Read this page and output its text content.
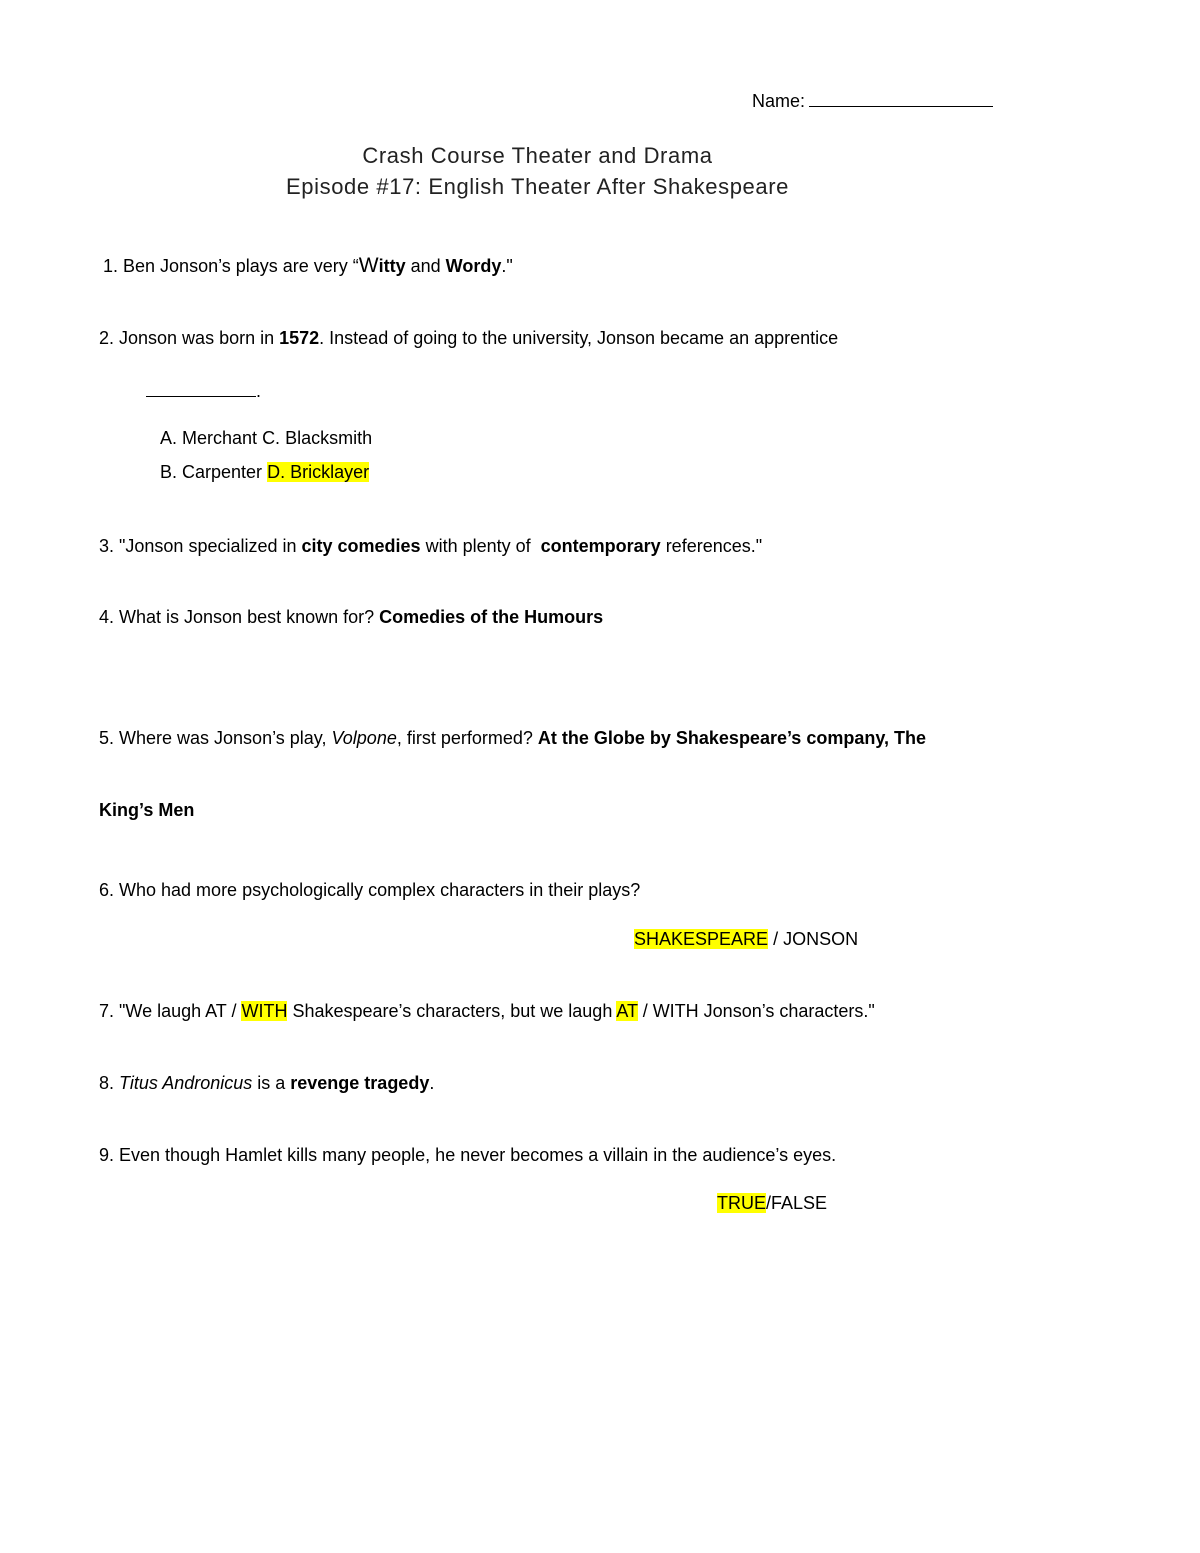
Name:
Crash Course Theater and Drama
Episode #17: English Theater After Shakespeare
1. Ben Jonson’s plays are very “Witty and Wordy."
2. Jonson was born in 1572. Instead of going to the university, Jonson became an apprentice
.
A. Merchant C. Blacksmith
B. Carpenter D. Bricklayer
3. "Jonson specialized in city comedies with plenty of  contemporary references."
4. What is Jonson best known for? Comedies of the Humours
5. Where was Jonson’s play, Volpone, first performed? At the Globe by Shakespeare’s company, The
King’s Men
6. Who had more psychologically complex characters in their plays?
SHAKESPEARE / JONSON
7. "We laugh AT / WITH Shakespeare’s characters, but we laugh AT / WITH Jonson’s characters."
8. Titus Andronicus is a revenge tragedy.
9. Even though Hamlet kills many people, he never becomes a villain in the audience’s eyes.
TRUE/FALSE
